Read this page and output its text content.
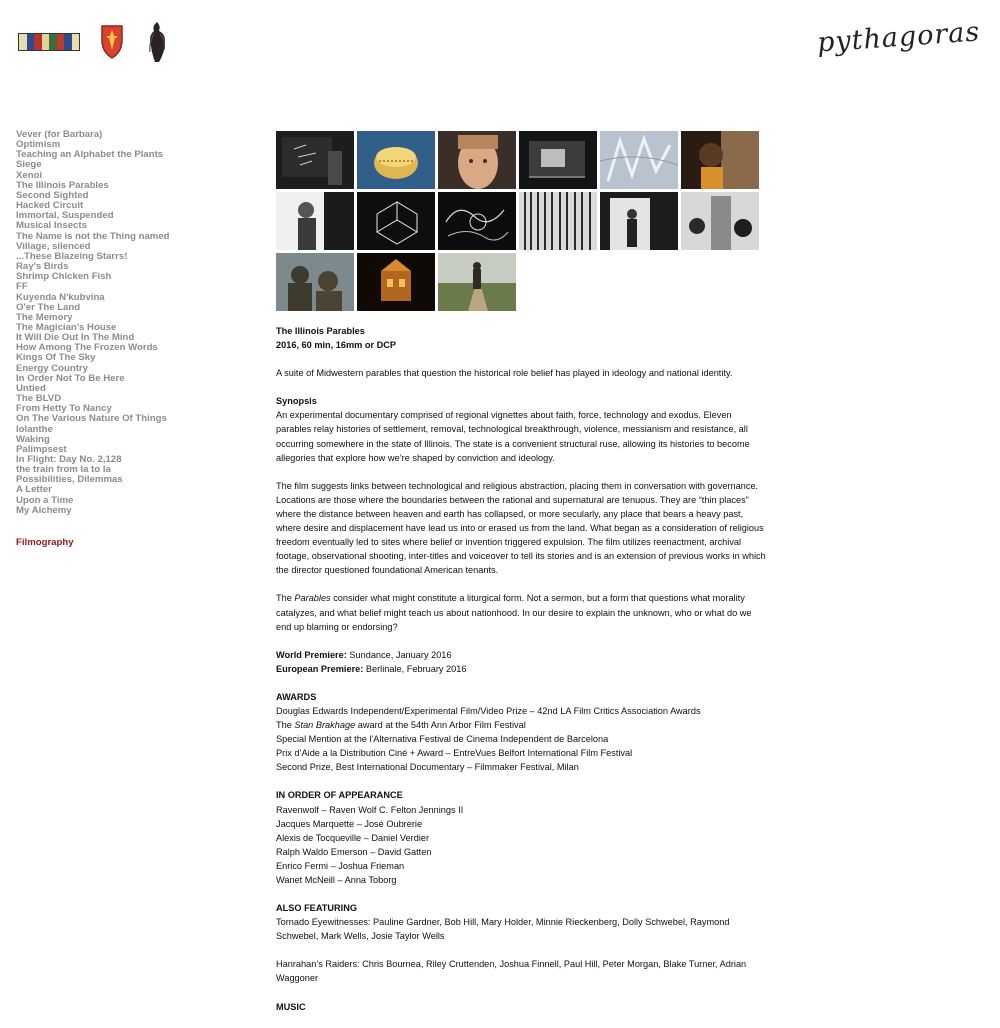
pythagoras
Vever (for Barbara)
Optimism
Teaching an Alphabet the Plants
Siege
Xenoi
The Illinois Parables
Second Sighted
Hacked Circuit
Immortal, Suspended
Musical Insects
The Name is not the Thing named
Village, silenced
...These Blazeing Starrs!
Ray's Birds
Shrimp Chicken Fish
FF
Kuyenda N'kubvina
O'er The Land
The Memory
The Magician's House
It Will Die Out In The Mind
How Among The Frozen Words
Kings Of The Sky
Energy Country
In Order Not To Be Here
Untied
The BLVD
From Hetty To Nancy
On The Various Nature Of Things
Iolanthe
Waking
Palimpsest
In Flight: Day No. 2,128
the train from la to la
Possibilities, Dilemmas
A Letter
Upon a Time
My Alchemy
Filmography

The Illinois Parables
2016, 60 min, 16mm or DCP

A suite of Midwestern parables that question the historical role belief has played in ideology and national identity.

Synopsis
An experimental documentary comprised of regional vignettes about faith, force, technology and exodus. Eleven parables relay histories of settlement, removal, technological breakthrough, violence, messianism and resistance, all occurring somewhere in the state of Illinois. The state is a convenient structural ruse, allowing its histories to become allegories that explore how we’re shaped by conviction and ideology.

The film suggests links between technological and religious abstraction, placing them in conversation with governance. Locations are those where the boundaries between the rational and supernatural are tenuous. They are “thin places” where the distance between heaven and earth has collapsed, or more secularly, any place that bears a heavy past, where desire and displacement have lead us into or erased us from the land. What began as a consideration of religious freedom eventually led to sites where belief or invention triggered expulsion. The film utilizes reenactment, archival footage, observational shooting, inter-titles and voiceover to tell its stories and is an extension of previous works in which the director questioned foundational American tenants.

The Parables consider what might constitute a liturgical form. Not a sermon, but a form that questions what morality catalyzes, and what belief might teach us about nationhood. In our desire to explain the unknown, who or what do we end up blaming or endorsing?

World Premiere: Sundance, January 2016
European Premiere: Berlinale, February 2016

AWARDS
Douglas Edwards Independent/Experimental Film/Video Prize – 42nd LA Film Critics Association Awards
The Stan Brakhage award at the 54th Ann Arbor Film Festival
Special Mention at the l'Alternativa Festival de Cinema Independent de Barcelona
Prix d’Aide a la Distribution Ciné + Award – EntreVues Belfort International Film Festival
Second Prize, Best International Documentary – Filmmaker Festival, Milan

IN ORDER OF APPEARANCE
Ravenwolf – Raven Wolf C. Felton Jennings II
Jacques Marquette – José Oubrerie
Alexis de Tocqueville – Daniel Verdier
Ralph Waldo Emerson – David Gatten
Enrico Fermi – Joshua Frieman
Wanet McNeill – Anna Toborg

ALSO FEATURING
Tornado Eyewitnesses: Pauline Gardner, Bob Hill, Mary Holder, Minnie Rieckenberg, Dolly Schwebel, Raymond Schwebel, Mark Wells, Josie Taylor Wells

Hanrahan’s Raiders: Chris Bournea, Riley Cruttenden, Joshua Finnell, Paul Hill, Peter Morgan, Blake Turner, Adrian Waggoner

MUSIC
